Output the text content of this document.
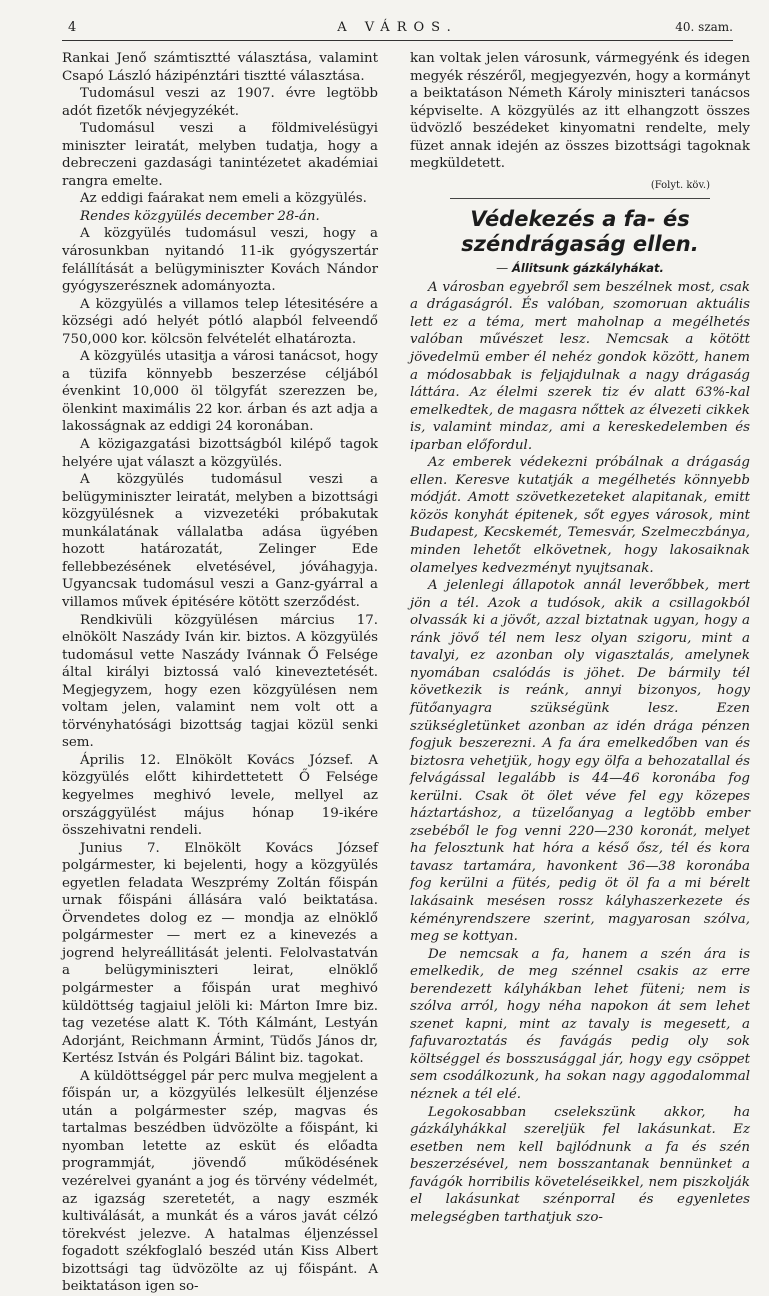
4	A VÁROS.	40. szam.

Rankai Jenő számtisztté választása, valamint Csapó László házipénztári tisztté választása.

Tudomásul veszi az 1907. évre legtöbb adót fizetők névjegyzékét.

Tudomásul veszi a földmivelésügyi miniszter leiratát, melyben tudatja, hogy a debreczeni gazdasági tanintézetet akadémiai rangra emelte.

Az eddigi faárakat nem emeli a közgyülés.

Rendes közgyülés december 28-án.

A közgyülés tudomásul veszi, hogy a városunkban nyitandó 11-ik gyógyszertár felállítását a belügyminiszter Kovách Nándor gyógyszerésznek adományozta.

A közgyülés a villamos telep létesitésére a községi adó helyét pótló alapból felveendő 750,000 kor. kölcsön felvételét elhatározta.

A közgyülés utasitja a városi tanácsot, hogy a tüzifa könnyebb beszerzése céljából évenkint 10,000 öl tölgyfát szerezzen be, ölenkint maximális 22 kor. árban és azt adja a lakosságnak az eddigi 24 koronában.

A közigazgatási bizottságból kilépő tagok helyére ujat választ a közgyülés.

A közgyülés tudomásul veszi a belügyminiszter leiratát, melyben a bizottsági közgyülésnek a vizvezetéki próbakutak munkálatának vállalatba adása ügyében hozott határozatát, Zelinger Ede fellebbezésének elvetésével, jóváhagyja. Ugyancsak tudomásul veszi a Ganz-gyárral a villamos művek épitésére kötött szerződést.

Rendkivüli közgyülésen március 17. elnökölt Naszády Iván kir. biztos. A közgyülés tudomásul vette Naszády Ivánnak Ő Felsége által királyi biztossá való kineveztetését. Megjegyzem, hogy ezen közgyülésen nem voltam jelen, valamint nem volt ott a törvényhatósági bizottság tagjai közül senki sem.

Április 12. Elnökölt Kovács József. A közgyülés előtt kihirdettetett Ő Felsége kegyelmes meghivó levele, mellyel az országgyülést május hónap 19-ikére összehivatni rendeli.

Junius 7. Elnökölt Kovács József polgármester, ki bejelenti, hogy a közgyülés egyetlen feladata Weszprémy Zoltán főispán urnak főispáni állására való beiktatása. Örvendetes dolog ez — mondja az elnöklő polgármester — mert ez a kinevezés a jogrend helyreállitását jelenti. Felolvastatván a belügyminiszteri leirat, elnöklő polgármester a főispán urat meghivó küldöttség tagjaiul jelöli ki: Márton Imre biz. tag vezetése alatt K. Tóth Kálmánt, Lestyán Adorjánt, Reichmann Ármint, Tüdős János dr, Kertész István és Polgári Bálint biz. tagokat.

A küldöttséggel pár perc mulva megjelent a főispán ur, a közgyülés lelkesült éljenzése után a polgármester szép, magvas és tartalmas beszédben üdvözölte a főispánt, ki nyomban letette az esküt és előadta programmját, jövendő működésének vezérelvei gyanánt a jog és törvény védelmét, az igazság szeretetét, a nagy eszmék kultiválását, a munkát és a város javát célzó törekvést jelezve. A hatalmas éljenzéssel fogadott székfoglaló beszéd után Kiss Albert bizottsági tag üdvözölte az uj főispánt. A beiktatáson igen so-

kan voltak jelen városunk, vármegyénk és idegen megyék részéről, megjegyezvén, hogy a kormányt a beiktatáson Németh Károly miniszteri tanácsos képviselte. A közgyülés az itt elhangzott összes üdvözlő beszédeket kinyomatni rendelte, mely füzet annak idején az összes bizottsági tagoknak megküldetett.

(Folyt. köv.)
Védekezés a fa- és széndrágaság ellen.
— Állitsunk gázkályhákat.

A városban egyebről sem beszélnek most, csak a drágaságról. És valóban, szomoruan aktuális lett ez a téma, mert maholnap a megélhetés valóban művészet lesz. Nemcsak a kötött jövedelmü ember él nehéz gondok között, hanem a módosabbak is feljajdulnak a nagy drágaság láttára. Az élelmi szerek tiz év alatt 63%-kal emelkedtek, de magasra nőttek az élvezeti cikkek is, valamint mindaz, ami a kereskedelemben és iparban előfordul.

Az emberek védekezni próbálnak a drágaság ellen. Keresve kutatják a megélhetés könnyebb módját. Amott szövetkezeteket alapitanak, emitt közös konyhát épitenek, sőt egyes városok, mint Budapest, Kecskemét, Temesvár, Szelmeczbánya, minden lehetőt elkövetnek, hogy lakosaiknak olamelyes kedvezményt nyujtsanak.

A jelenlegi állapotok annál leverőbbek, mert jön a tél. Azok a tudósok, akik a csillagokból olvassák ki a jövőt, azzal biztatnak ugyan, hogy a ránk jövő tél nem lesz olyan szigoru, mint a tavalyi, ez azonban oly vigasztalás, amelynek nyomában csalódás is jöhet. De bármily tél következik is reánk, annyi bizonyos, hogy fütőanyagra szükségünk lesz. Ezen szükségletünket azonban az idén drága pénzen fogjuk beszerezni. A fa ára emelkedőben van és biztosra vehetjük, hogy egy ölfa a behozatallal és felvágással legalább is 44—46 koronába fog kerülni. Csak öt ölet véve fel egy közepes háztartáshoz, a tüzelőanyag a legtöbb ember zsebéből le fog venni 220—230 koronát, melyet ha felosztunk hat hóra a késő ősz, tél és kora tavasz tartamára, havonkent 36—38 koronába fog kerülni a fütés, pedig öt öl fa a mi bérelt lakásaink mesésen rossz kályhaszerkezete és kéményrendszere szerint, magyarosan szólva, meg se kottyan.

De nemcsak a fa, hanem a szén ára is emelkedik, de meg szénnel csakis az erre berendezett kályhákban lehet füteni; nem is szólva arról, hogy néha napokon át sem lehet szenet kapni, mint az tavaly is megesett, a fafuvaroztatás és favágás pedig oly sok költséggel és bosszusággal jár, hogy egy csöppet sem csodálkozunk, ha sokan nagy aggodalommal néznek a tél elé.

Legokosabban cselekszünk akkor, ha gázkályhákkal szereljük fel lakásunkat. Ez esetben nem kell bajlódnunk a fa és szén beszerzésével, nem bosszantanak bennünket a favágók horribilis követeléseikkel, nem piszkolják el lakásunkat szénporral és egyenletes melegségben tarthatjuk szo-
